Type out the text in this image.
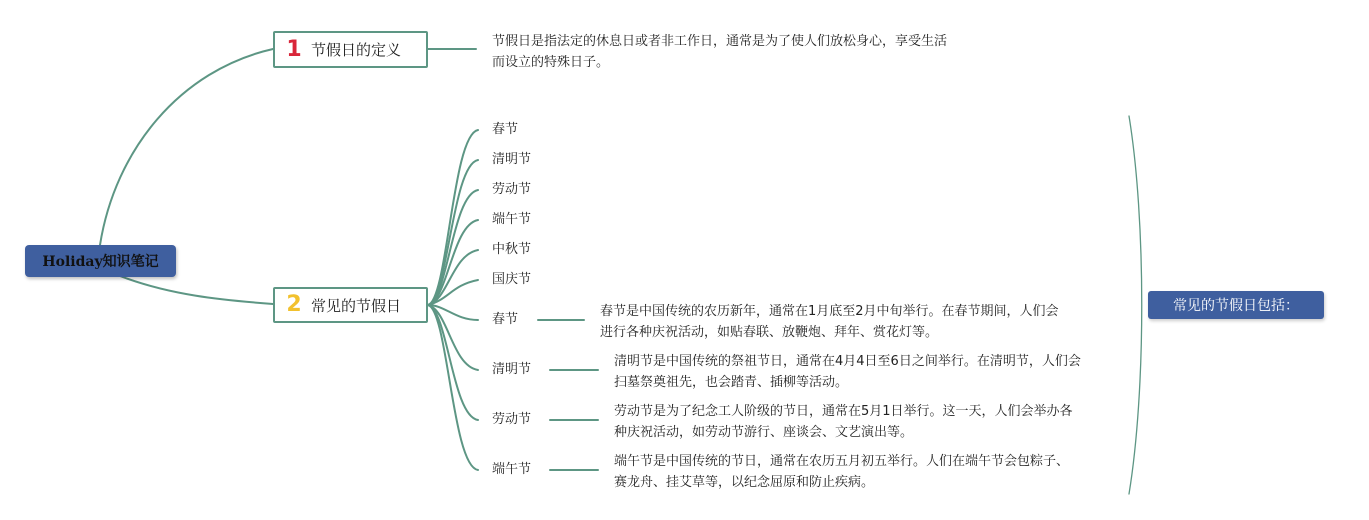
Holiday知识笔记
1 节假日的定义	节假日是指法定的休息日或者非工作日，通常是为了使人们放松身心，享受生活
而设立的特殊日子。
2 常见的节假日
春节
清明节
劳动节
端午节
中秋节
国庆节
春节
春节是中国传统的农历新年，通常在1月底至2月中旬举行。在春节期间，人们会
进行各种庆祝活动，如贴春联、放鞭炮、拜年、赏花灯等。
清明节
清明节是中国传统的祭祖节日，通常在4月4日至6日之间举行。在清明节，人们会
扫墓祭奠祖先，也会踏青、插柳等活动。
劳动节
劳动节是为了纪念工人阶级的节日，通常在5月1日举行。这一天，人们会举办各
种庆祝活动，如劳动节游行、座谈会、文艺演出等。
端午节
端午节是中国传统的节日，通常在农历五月初五举行。人们在端午节会包粽子、
赛龙舟、挂艾草等，以纪念屈原和防止疾病。
常见的节假日包括：
